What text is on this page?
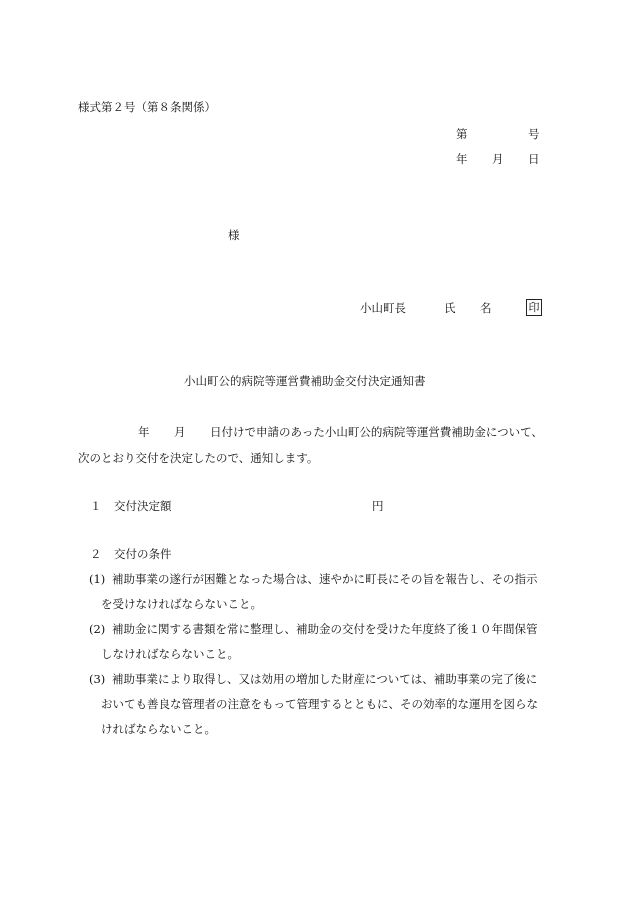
様式第２号（第８条関係）
第	号
年 月 日
様
小山町長	氏 名	印
小山町公的病院等運営費補助金交付決定通知書
年 月 日付けで申請のあった小山町公的病院等運営費補助金について、
次のとおり交付を決定したので、通知します。
１ 交付決定額	円
２ 交付の条件
(1) 補助事業の遂行が困難となった場合は、速やかに町長にその旨を報告し、その指示
を受けなければならないこと。
(2) 補助金に関する書類を常に整理し、補助金の交付を受けた年度終了後１０年間保管
しなければならないこと。
(3) 補助事業により取得し、又は効用の増加した財産については、補助事業の完了後に
おいても善良な管理者の注意をもって管理するとともに、その効率的な運用を図らな
ければならないこと。
